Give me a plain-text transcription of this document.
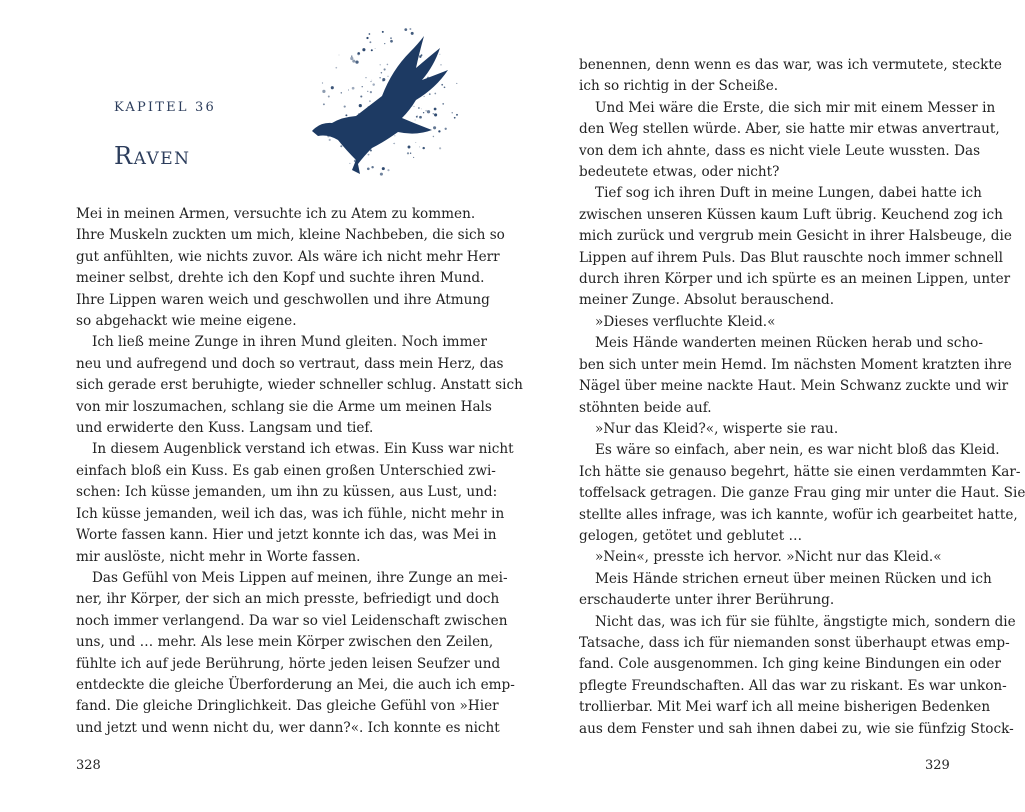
KAPITEL 36
Raven
Mei in meinen Armen, versuchte ich zu Atem zu kommen.
Ihre Muskeln zuckten um mich, kleine Nachbeben, die sich so
gut anfühlten, wie nichts zuvor. Als wäre ich nicht mehr Herr
meiner selbst, drehte ich den Kopf und suchte ihren Mund.
Ihre Lippen waren weich und geschwollen und ihre Atmung
so abgehackt wie meine eigene.
Ich ließ meine Zunge in ihren Mund gleiten. Noch immer
neu und aufregend und doch so vertraut, dass mein Herz, das
sich gerade erst beruhigte, wieder schneller schlug. Anstatt sich
von mir loszumachen, schlang sie die Arme um meinen Hals
und erwiderte den Kuss. Langsam und tief.
In diesem Augenblick verstand ich etwas. Ein Kuss war nicht
einfach bloß ein Kuss. Es gab einen großen Unterschied zwi-
schen: Ich küsse jemanden, um ihn zu küssen, aus Lust, und:
Ich küsse jemanden, weil ich das, was ich fühle, nicht mehr in
Worte fassen kann. Hier und jetzt konnte ich das, was Mei in
mir auslöste, nicht mehr in Worte fassen.
Das Gefühl von Meis Lippen auf meinen, ihre Zunge an mei-
ner, ihr Körper, der sich an mich presste, befriedigt und doch
noch immer verlangend. Da war so viel Leidenschaft zwischen
uns, und … mehr. Als lese mein Körper zwischen den Zeilen,
fühlte ich auf jede Berührung, hörte jeden leisen Seufzer und
entdeckte die gleiche Überforderung an Mei, die auch ich emp-
fand. Die gleiche Dringlichkeit. Das gleiche Gefühl von »Hier
und jetzt und wenn nicht du, wer dann?«. Ich konnte es nicht
328
benennen, denn wenn es das war, was ich vermutete, steckte
ich so richtig in der Scheiße.
Und Mei wäre die Erste, die sich mir mit einem Messer in
den Weg stellen würde. Aber, sie hatte mir etwas anvertraut,
von dem ich ahnte, dass es nicht viele Leute wussten. Das
bedeutete etwas, oder nicht?
Tief sog ich ihren Duft in meine Lungen, dabei hatte ich
zwischen unseren Küssen kaum Luft übrig. Keuchend zog ich
mich zurück und vergrub mein Gesicht in ihrer Halsbeuge, die
Lippen auf ihrem Puls. Das Blut rauschte noch immer schnell
durch ihren Körper und ich spürte es an meinen Lippen, unter
meiner Zunge. Absolut berauschend.
»Dieses verfluchte Kleid.«
Meis Hände wanderten meinen Rücken herab und scho-
ben sich unter mein Hemd. Im nächsten Moment kratzten ihre
Nägel über meine nackte Haut. Mein Schwanz zuckte und wir
stöhnten beide auf.
»Nur das Kleid?«, wisperte sie rau.
Es wäre so einfach, aber nein, es war nicht bloß das Kleid.
Ich hätte sie genauso begehrt, hätte sie einen verdammten Kar-
toffelsack getragen. Die ganze Frau ging mir unter die Haut. Sie
stellte alles infrage, was ich kannte, wofür ich gearbeitet hatte,
gelogen, getötet und geblutet …
»Nein«, presste ich hervor. »Nicht nur das Kleid.«
Meis Hände strichen erneut über meinen Rücken und ich
erschauderte unter ihrer Berührung.
Nicht das, was ich für sie fühlte, ängstigte mich, sondern die
Tatsache, dass ich für niemanden sonst überhaupt etwas emp-
fand. Cole ausgenommen. Ich ging keine Bindungen ein oder
pflegte Freundschaften. All das war zu riskant. Es war unkon-
trollierbar. Mit Mei warf ich all meine bisherigen Bedenken
aus dem Fenster und sah ihnen dabei zu, wie sie fünfzig Stock-
329
